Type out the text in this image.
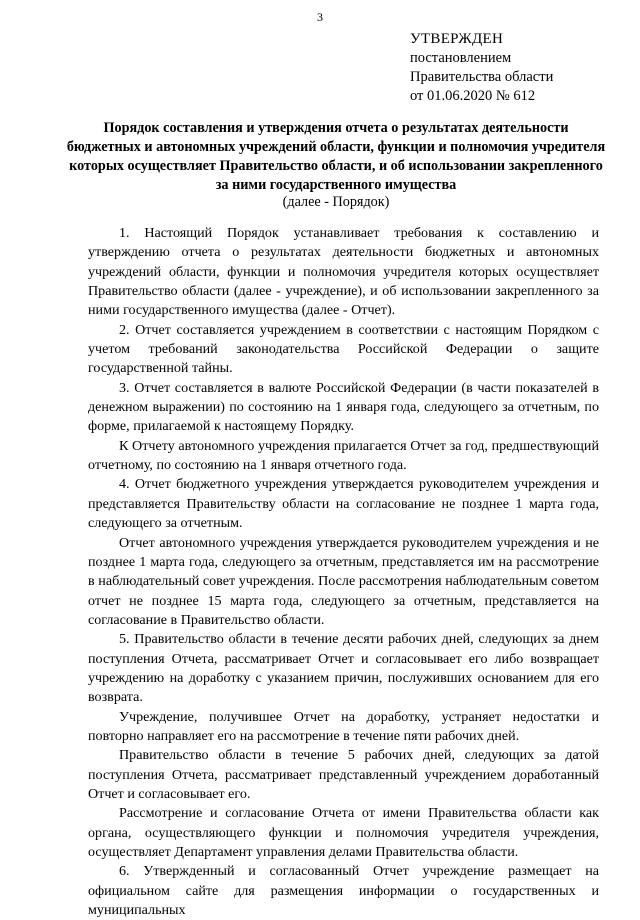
3
УТВЕРЖДЕН
постановлением
Правительства области
от 01.06.2020 № 612
Порядок составления и утверждения отчета о результатах деятельности бюджетных и автономных учреждений области, функции и полномочия учредителя которых осуществляет Правительство области, и об использовании закрепленного за ними государственного имущества
(далее - Порядок)

1. Настоящий Порядок устанавливает требования к составлению и утверждению отчета о результатах деятельности бюджетных и автономных учреждений области, функции и полномочия учредителя которых осуществляет Правительство области (далее - учреждение), и об использовании закрепленного за ними государственного имущества (далее - Отчет).

2. Отчет составляется учреждением в соответствии с настоящим Порядком с учетом требований законодательства Российской Федерации о защите государственной тайны.

3. Отчет составляется в валюте Российской Федерации (в части показателей в денежном выражении) по состоянию на 1 января года, следующего за отчетным, по форме, прилагаемой к настоящему Порядку.

К Отчету автономного учреждения прилагается Отчет за год, предшествующий отчетному, по состоянию на 1 января отчетного года.

4. Отчет бюджетного учреждения утверждается руководителем учреждения и представляется Правительству области на согласование не позднее 1 марта года, следующего за отчетным.

Отчет автономного учреждения утверждается руководителем учреждения и не позднее 1 марта года, следующего за отчетным, представляется им на рассмотрение в наблюдательный совет учреждения. После рассмотрения наблюдательным советом отчет не позднее 15 марта года, следующего за отчетным, представляется на согласование в Правительство области.

5. Правительство области в течение десяти рабочих дней, следующих за днем поступления Отчета, рассматривает Отчет и согласовывает его либо возвращает учреждению на доработку с указанием причин, послуживших основанием для его возврата.

Учреждение, получившее Отчет на доработку, устраняет недостатки и повторно направляет его на рассмотрение в течение пяти рабочих дней.

Правительство области в течение 5 рабочих дней, следующих за датой поступления Отчета, рассматривает представленный учреждением доработанный Отчет и согласовывает его.

Рассмотрение и согласование Отчета от имени Правительства области как органа, осуществляющего функции и полномочия учредителя учреждения, осуществляет Департамент управления делами Правительства области.

6. Утвержденный и согласованный Отчет учреждение размещает на официальном сайте для размещения информации о государственных и муниципальных
